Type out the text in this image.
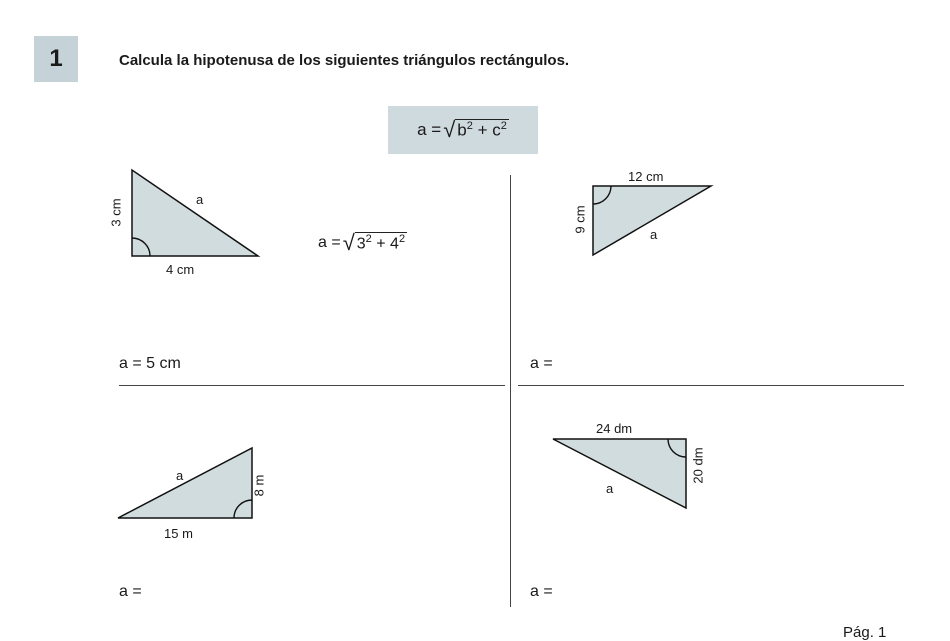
1	Calcula la hipotenusa de los siguientes triángulos rectángulos.
a = √ $b^2 + c^2$
3 cm
4 cm
a
a = √ $3^2 + 4^2$
a = 5 cm
12 cm
9 cm
a
a =
a	8 m
15 m
a =
24 dm
20 dm
a
a =
Pág. 1
